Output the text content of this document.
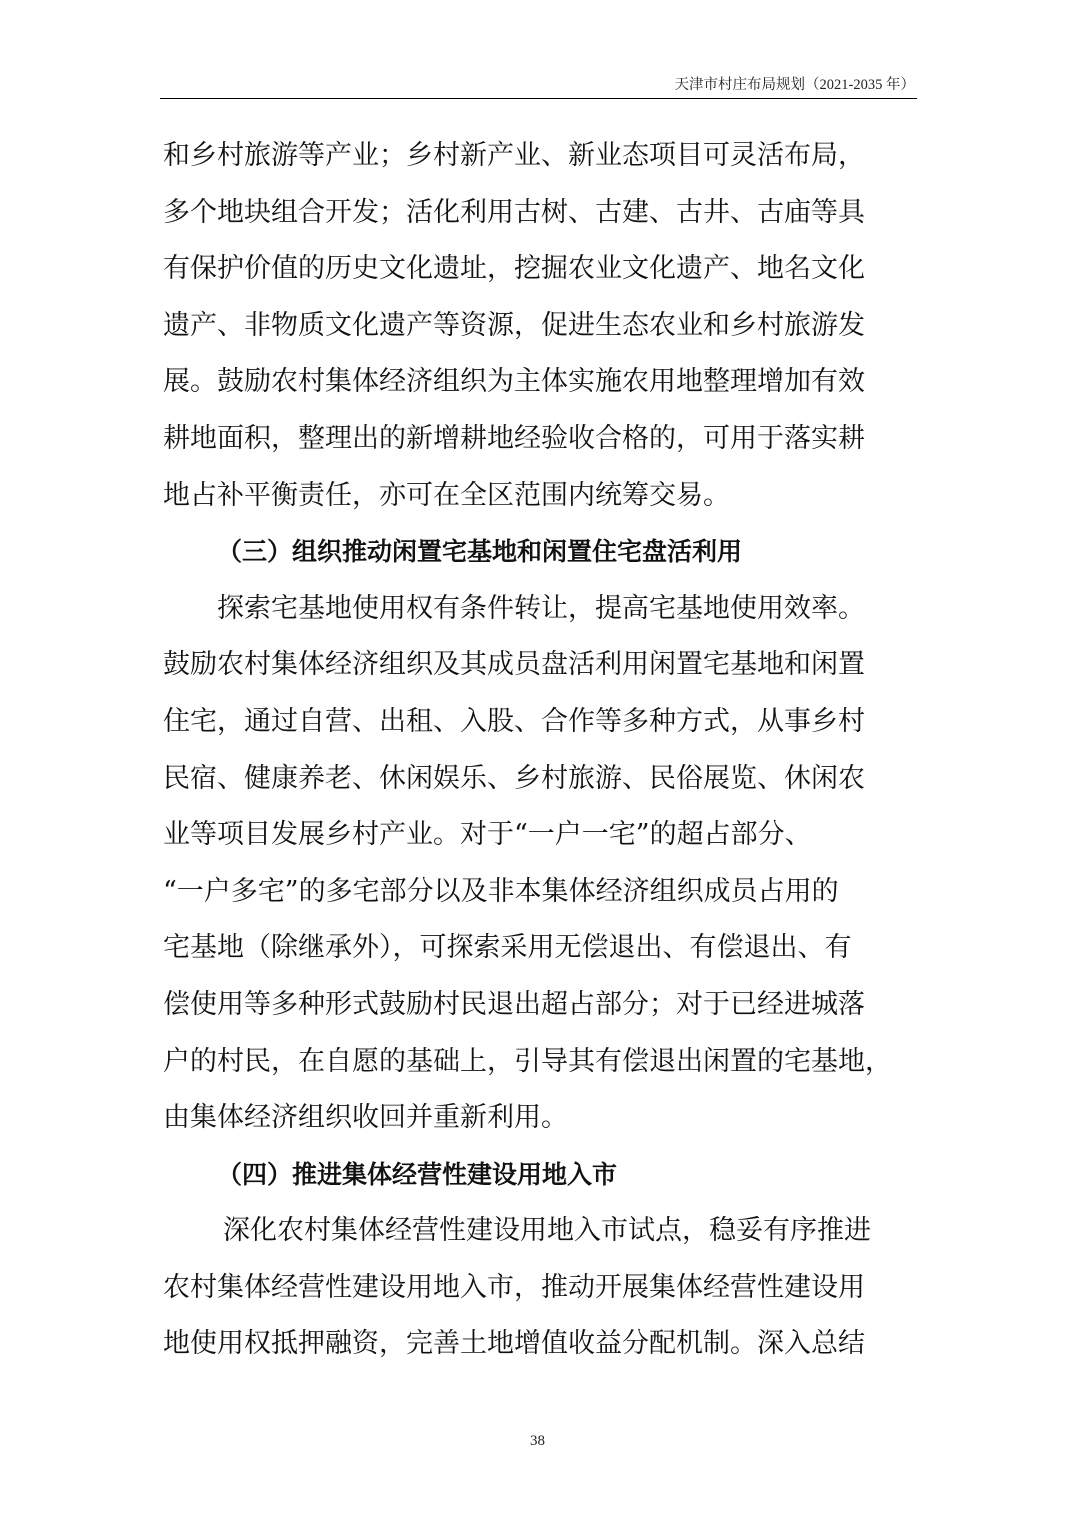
天津市村庄布局规划（2021-2035 年）
和乡村旅游等产业；乡村新产业、新业态项目可灵活布局，
多个地块组合开发；活化利用古树、古建、古井、古庙等具
有保护价值的历史文化遗址，挖掘农业文化遗产、地名文化
遗产、非物质文化遗产等资源，促进生态农业和乡村旅游发
展。鼓励农村集体经济组织为主体实施农用地整理增加有效
耕地面积，整理出的新增耕地经验收合格的，可用于落实耕
地占补平衡责任，亦可在全区范围内统筹交易。
（三）组织推动闲置宅基地和闲置住宅盘活利用
探索宅基地使用权有条件转让，提高宅基地使用效率。
鼓励农村集体经济组织及其成员盘活利用闲置宅基地和闲置
住宅，通过自营、出租、入股、合作等多种方式，从事乡村
民宿、健康养老、休闲娱乐、乡村旅游、民俗展览、休闲农
业等项目发展乡村产业。对于“一户一宅”的超占部分、
“一户多宅”的多宅部分以及非本集体经济组织成员占用的
宅基地（除继承外），可探索采用无偿退出、有偿退出、有
偿使用等多种形式鼓励村民退出超占部分；对于已经进城落
户的村民，在自愿的基础上，引导其有偿退出闲置的宅基地，
由集体经济组织收回并重新利用。
（四）推进集体经营性建设用地入市
深化农村集体经营性建设用地入市试点，稳妥有序推进
农村集体经营性建设用地入市，推动开展集体经营性建设用
地使用权抵押融资，完善土地增值收益分配机制。深入总结
38
